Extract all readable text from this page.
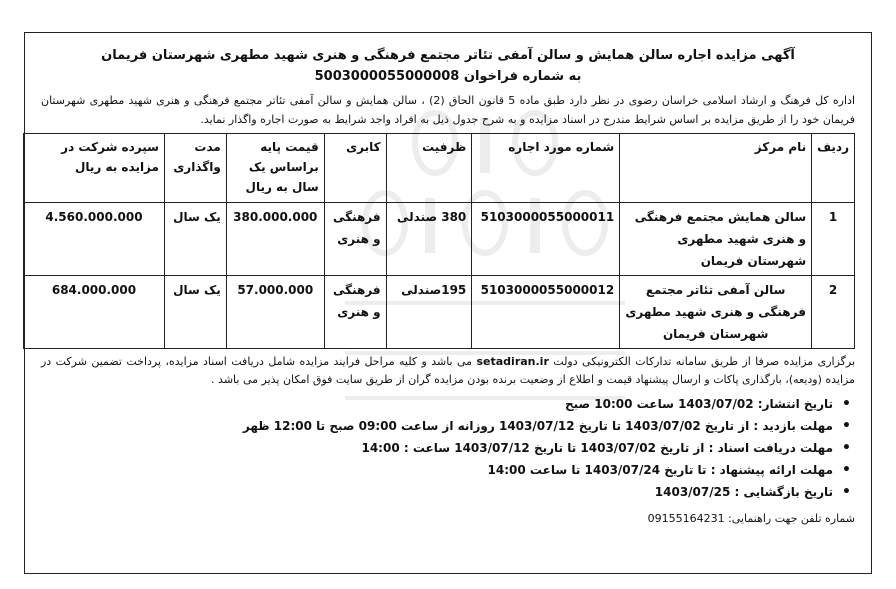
آگهی مزایده اجاره سالن همایش و سالن آمفی تئاتر مجتمع فرهنگی و هنری شهید مطهری شهرستان فریمان
به شماره فراخوان 5003000055000008
اداره کل فرهنگ و ارشاد اسلامی خراسان رضوی در نظر دارد طبق ماده 5 قانون الحاق (2) ، سالن همایش و سالن آمفی تئاتر مجتمع فرهنگی و هنری شهید مطهری شهرستان فریمان خود را از طریق مزایده بر اساس شرایط مندرج در اسناد مزایده و به شرح جدول ذیل به افراد واجد شرایط به صورت اجاره واگذار نماید.
ردیف	نام مرکز	شماره مورد اجاره	ظرفیت	کابری	قیمت پایه براساس یک سال به ریال	مدت واگذاری	سپرده شرکت در مزایده به ریال
1	سالن همایش مجتمع فرهنگی و هنری شهید مطهری شهرستان فریمان	5103000055000011	380 صندلی	فرهنگی و هنری	380.000.000	یک سال	4.560.000.000
2	سالن آمفی تئاتر مجتمع فرهنگی و هنری شهید مطهری شهرستان فریمان	5103000055000012	195صندلی	فرهنگی و هنری	57.000.000	یک سال	684.000.000
برگزاری مزایده صرفا از طریق سامانه تدارکات الکترونیکی دولت setadiran.ir می باشد و کلیه مراحل فرایند مزایده شامل دریافت اسناد مزایده، پرداخت تضمین شرکت در مزایده (ودیعه)، بارگذاری پاکات و ارسال پیشنهاد قیمت و اطلاع از وضعیت برنده بودن مزایده گران از طریق سایت فوق امکان پذیر می باشد .
• تاریخ انتشار: 1403/07/02 ساعت 10:00 صبح
• مهلت بازدید : از تاریخ 1403/07/02 تا تاریخ 1403/07/12 روزانه از ساعت 09:00 صبح تا 12:00 ظهر
• مهلت دریافت اسناد : از تاریخ 1403/07/02 تا تاریخ 1403/07/12 ساعت : 14:00
• مهلت ارائه پیشنهاد : تا تاریخ 1403/07/24 تا ساعت 14:00
• تاریخ بازگشایی : 1403/07/25
شماره تلفن جهت راهنمایی: 09155164231
